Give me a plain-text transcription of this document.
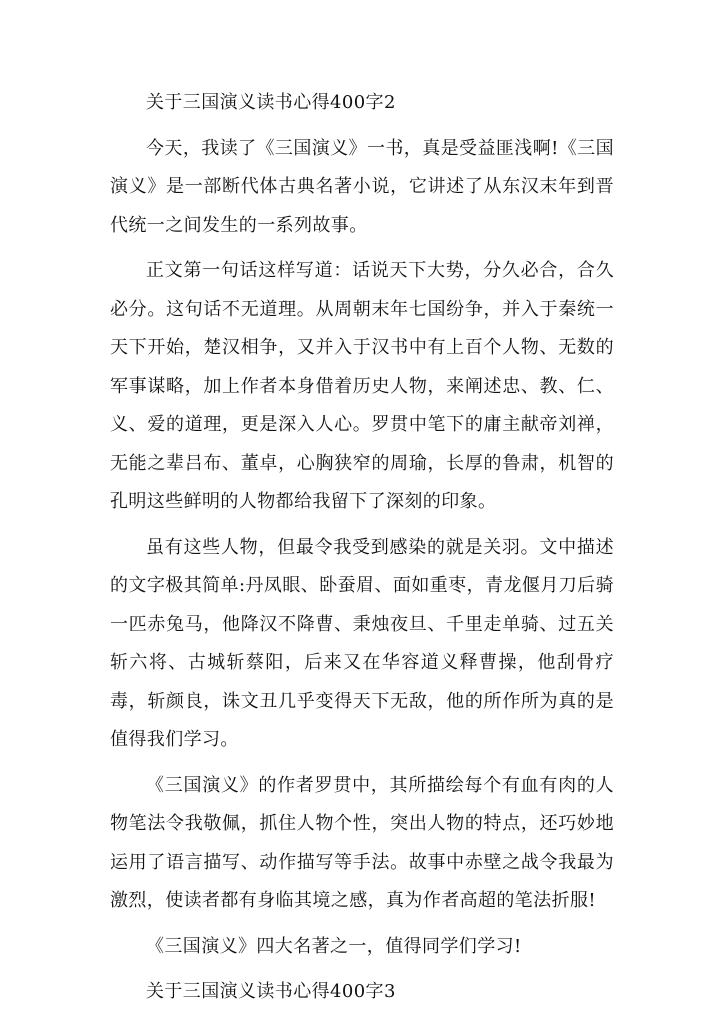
关于三国演义读书心得400字2

今天，我读了《三国演义》一书，真是受益匪浅啊!《三国演义》是一部断代体古典名著小说，它讲述了从东汉末年到晋代统一之间发生的一系列故事。

正文第一句话这样写道：话说天下大势，分久必合，合久必分。这句话不无道理。从周朝末年七国纷争，并入于秦统一天下开始，楚汉相争，又并入于汉书中有上百个人物、无数的军事谋略，加上作者本身借着历史人物，来阐述忠、教、仁、义、爱的道理，更是深入人心。罗贯中笔下的庸主献帝刘禅，无能之辈吕布、董卓，心胸狭窄的周瑜，长厚的鲁肃，机智的孔明这些鲜明的人物都给我留下了深刻的印象。

虽有这些人物，但最令我受到感染的就是关羽。文中描述的文字极其简单:丹凤眼、卧蚕眉、面如重枣，青龙偃月刀后骑一匹赤兔马，他降汉不降曹、秉烛夜旦、千里走单骑、过五关斩六将、古城斩蔡阳，后来又在华容道义释曹操，他刮骨疗毒，斩颜良，诛文丑几乎变得天下无敌，他的所作所为真的是值得我们学习。

《三国演义》的作者罗贯中，其所描绘每个有血有肉的人物笔法令我敬佩，抓住人物个性，突出人物的特点，还巧妙地运用了语言描写、动作描写等手法。故事中赤壁之战令我最为激烈，使读者都有身临其境之感，真为作者高超的笔法折服!

《三国演义》四大名著之一，值得同学们学习!

关于三国演义读书心得400字3
